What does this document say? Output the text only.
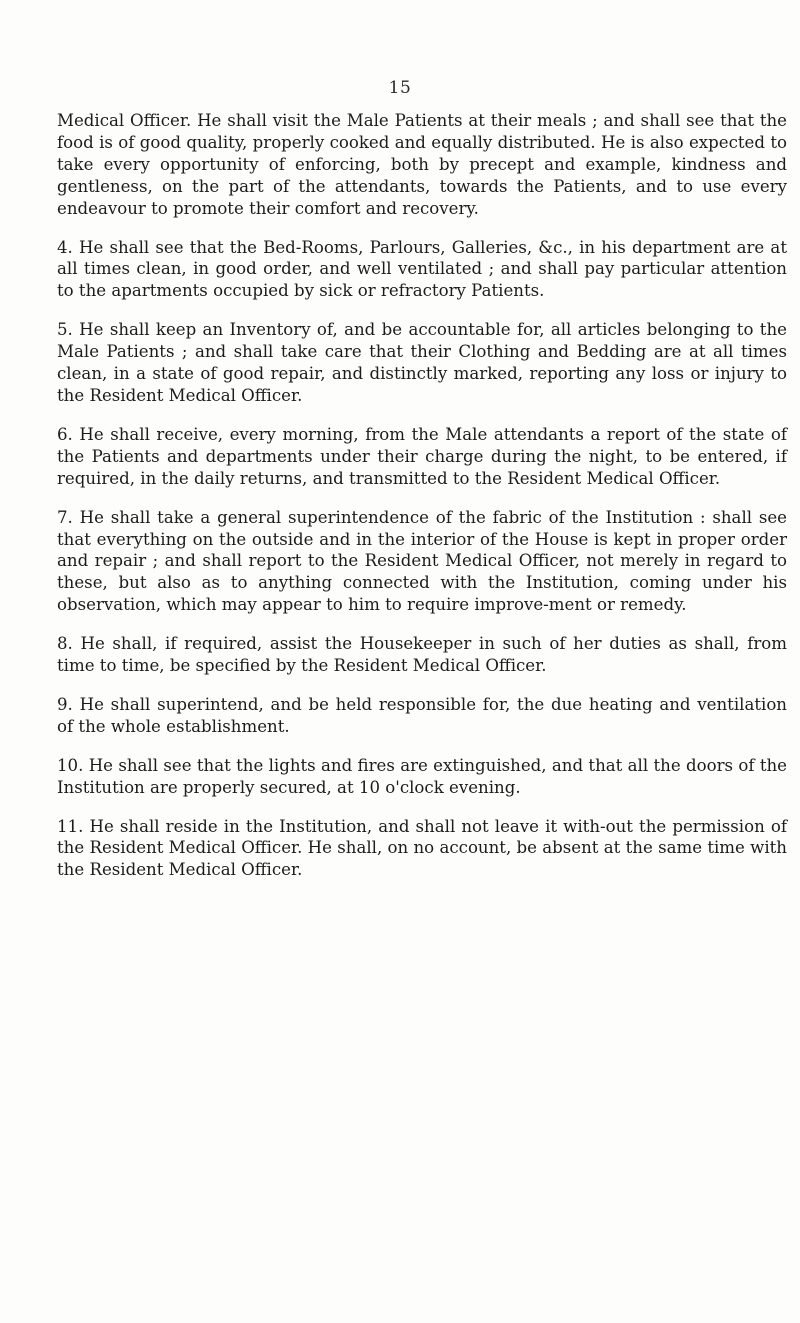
15

Medical Officer. He shall visit the Male Patients at their meals ; and shall see that the food is of good quality, properly cooked and equally distributed. He is also expected to take every opportunity of enforcing, both by precept and example, kindness and gentleness, on the part of the attendants, towards the Patients, and to use every endeavour to promote their comfort and recovery.

4. He shall see that the Bed-Rooms, Parlours, Galleries, &c., in his department are at all times clean, in good order, and well ventilated ; and shall pay particular attention to the apartments occupied by sick or refractory Patients.

5. He shall keep an Inventory of, and be accountable for, all articles belonging to the Male Patients ; and shall take care that their Clothing and Bedding are at all times clean, in a state of good repair, and distinctly marked, reporting any loss or injury to the Resident Medical Officer.

6. He shall receive, every morning, from the Male attendants a report of the state of the Patients and departments under their charge during the night, to be entered, if required, in the daily returns, and transmitted to the Resident Medical Officer.

7. He shall take a general superintendence of the fabric of the Institution : shall see that everything on the outside and in the interior of the House is kept in proper order and repair ; and shall report to the Resident Medical Officer, not merely in regard to these, but also as to anything connected with the Institution, coming under his observation, which may appear to him to require improve-ment or remedy.

8. He shall, if required, assist the Housekeeper in such of her duties as shall, from time to time, be specified by the Resident Medical Officer.

9. He shall superintend, and be held responsible for, the due heating and ventilation of the whole establishment.

10. He shall see that the lights and fires are extinguished, and that all the doors of the Institution are properly secured, at 10 o'clock evening.

11. He shall reside in the Institution, and shall not leave it with-out the permission of the Resident Medical Officer. He shall, on no account, be absent at the same time with the Resident Medical Officer.
